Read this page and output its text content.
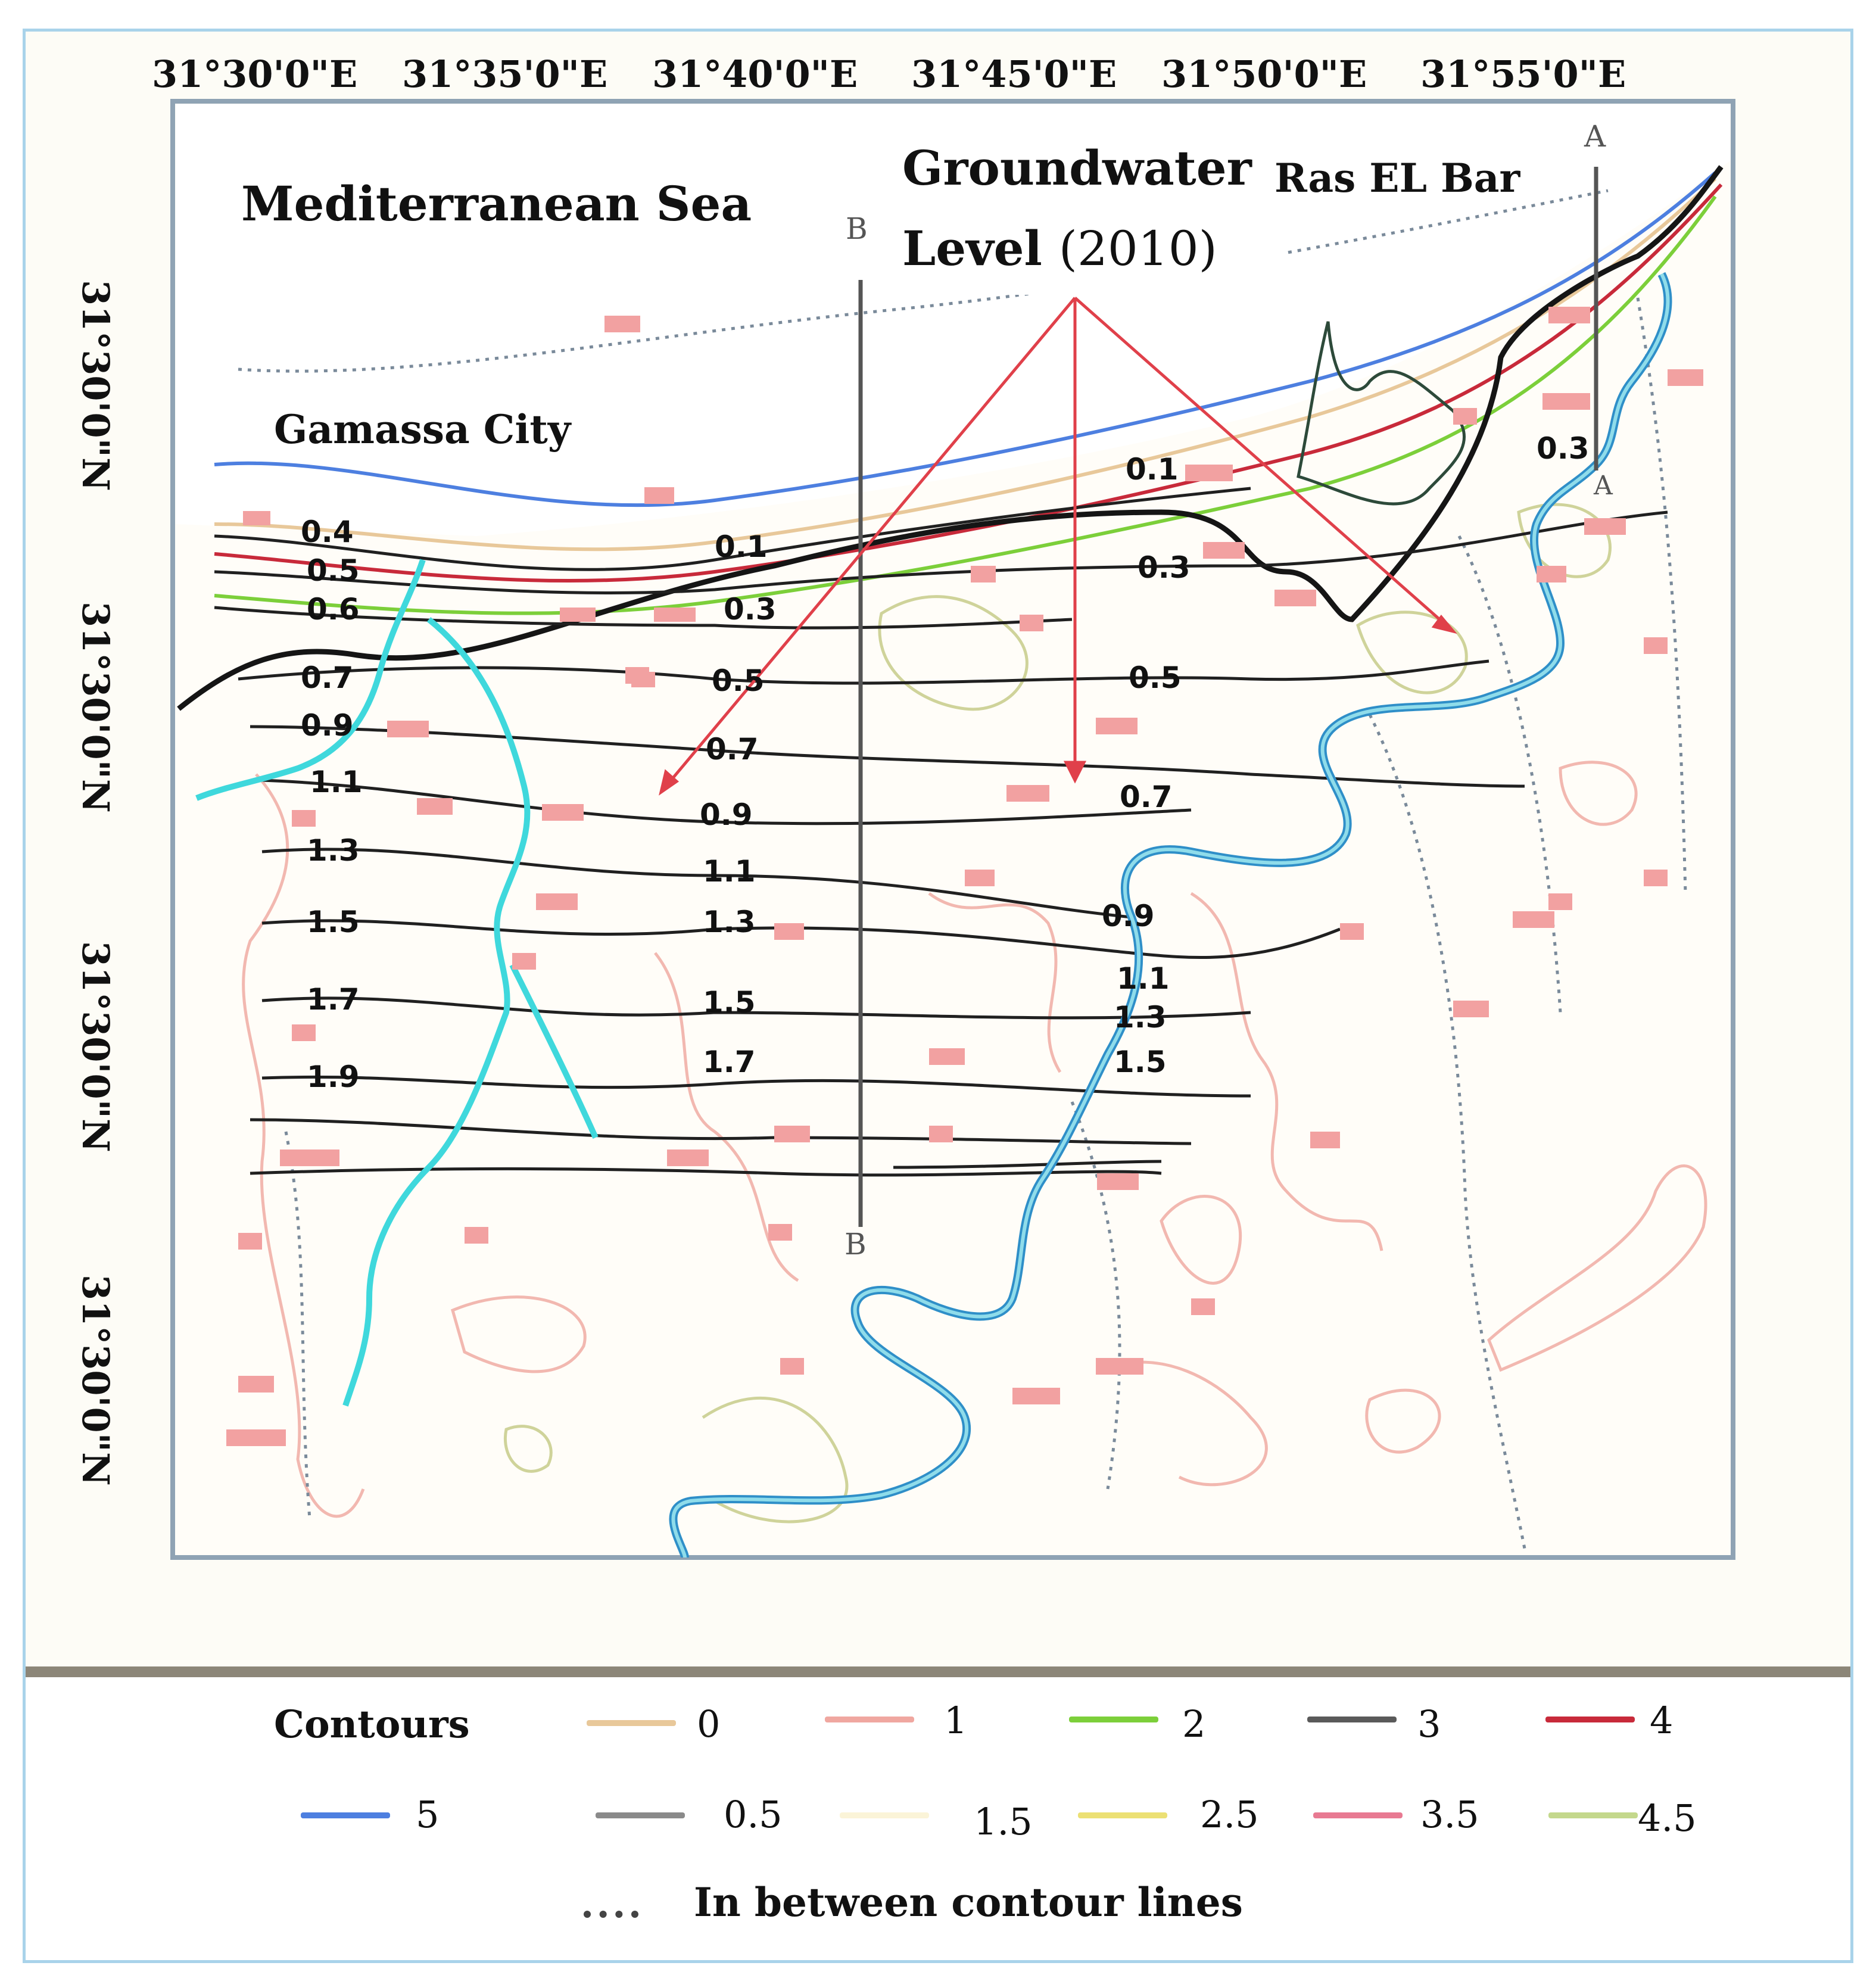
0.4
0.5
0.6
0.7
0.9
1.1
1.3
1.5
1.7
1.9
0.1
0.3
0.5
0.7
0.9
1.1
1.3
1.5
1.7
0.1
0.3
0.3
0.5
0.7
0.9
1.1
1.3
1.5
B
B
A
A
31°30'0"E 31°35'0"E 31°40'0"E 31°45'0"E 31°50'0"E 31°55'0"E
31°30'0"N
31°30'0"N
31°30'0"N
31°30'0"N
Groundwater
Level (2010)
Mediterranean Sea	Ras EL Bar
Gamassa City
Contours	0	1	2	3	4
5	0.5	1.5	2.5	3.5	4.5
In between contour lines
